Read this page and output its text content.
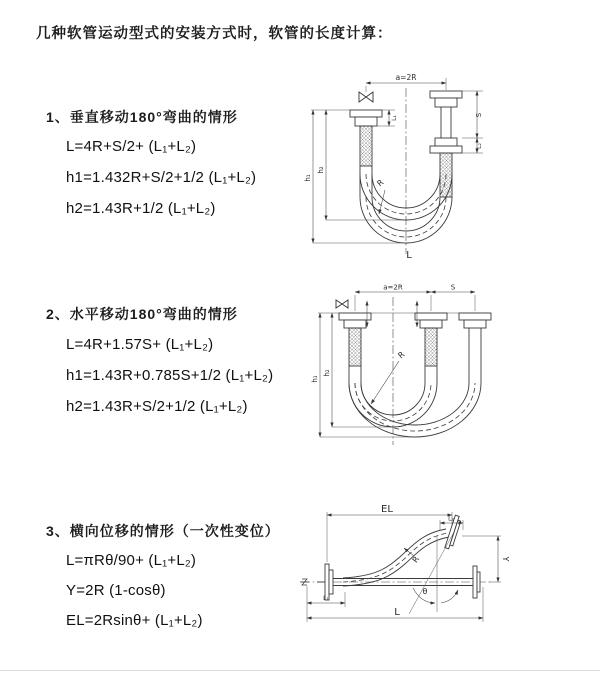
几种软管运动型式的安装方式时，软管的长度计算：
1、垂直移动180°弯曲的情形
L=4R+S/2+ (L₁+L₂)
h1=1.432R+S/2+1/2 (L₁+L₂)
h2=1.43R+1/2 (L₁+L₂)
a=2R
h₁
h₂
L₁
S
L₂
R
L
2、水平移动180°弯曲的情形
L=4R+1.57S+ (L₁+L₂)
h1=1.43R+0.785S+1/2 (L₁+L₂)
h2=1.43R+S/2+1/2 (L₁+L₂)
a=2R	S
h₁
h₂
R
3、横向位移的情形（一次性变位）
L=πRθ/90+ (L₁+L₂)
Y=2R (1-cosθ)
EL=2Rsinθ+ (L₁+L₂)
EL
L₂
Y
θ
R
L₁
L
